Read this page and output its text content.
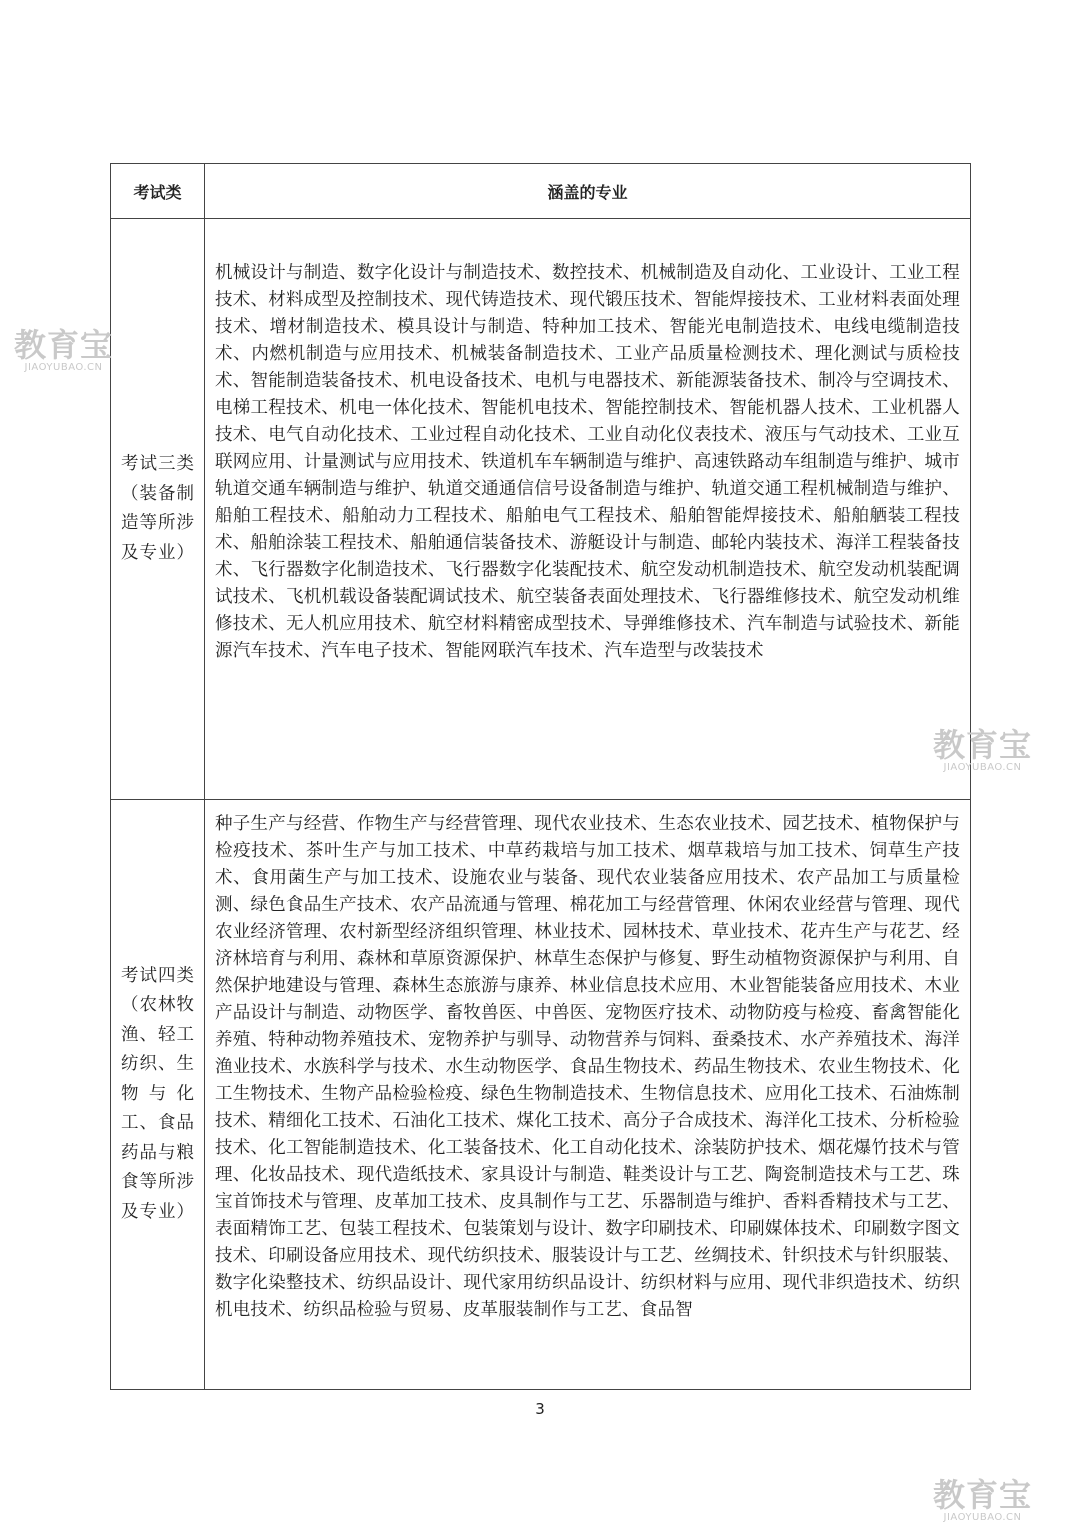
考试类	涵盖的专业

考试三类（装备制造等所涉及专业）	机械设计与制造、数字化设计与制造技术、数控技术、机械制造及自动化、工业设计、工业工程技术、材料成型及控制技术、现代铸造技术、现代锻压技术、智能焊接技术、工业材料表面处理技术、增材制造技术、模具设计与制造、特种加工技术、智能光电制造技术、电线电缆制造技术、内燃机制造与应用技术、机械装备制造技术、工业产品质量检测技术、理化测试与质检技术、智能制造装备技术、机电设备技术、电机与电器技术、新能源装备技术、制冷与空调技术、电梯工程技术、机电一体化技术、智能机电技术、智能控制技术、智能机器人技术、工业机器人技术、电气自动化技术、工业过程自动化技术、工业自动化仪表技术、液压与气动技术、工业互联网应用、计量测试与应用技术、铁道机车车辆制造与维护、高速铁路动车组制造与维护、城市轨道交通车辆制造与维护、轨道交通通信信号设备制造与维护、轨道交通工程机械制造与维护、船舶工程技术、船舶动力工程技术、船舶电气工程技术、船舶智能焊接技术、船舶舾装工程技术、船舶涂装工程技术、船舶通信装备技术、游艇设计与制造、邮轮内装技术、海洋工程装备技术、飞行器数字化制造技术、飞行器数字化装配技术、航空发动机制造技术、航空发动机装配调试技术、飞机机载设备装配调试技术、航空装备表面处理技术、飞行器维修技术、航空发动机维修技术、无人机应用技术、航空材料精密成型技术、导弹维修技术、汽车制造与试验技术、新能源汽车技术、汽车电子技术、智能网联汽车技术、汽车造型与改装技术

考试四类（农林牧渔、轻工纺织、生物与化工、食品药品与粮食等所涉及专业）	种子生产与经营、作物生产与经营管理、现代农业技术、生态农业技术、园艺技术、植物保护与检疫技术、茶叶生产与加工技术、中草药栽培与加工技术、烟草栽培与加工技术、饲草生产技术、食用菌生产与加工技术、设施农业与装备、现代农业装备应用技术、农产品加工与质量检测、绿色食品生产技术、农产品流通与管理、棉花加工与经营管理、休闲农业经营与管理、现代农业经济管理、农村新型经济组织管理、林业技术、园林技术、草业技术、花卉生产与花艺、经济林培育与利用、森林和草原资源保护、林草生态保护与修复、野生动植物资源保护与利用、自然保护地建设与管理、森林生态旅游与康养、林业信息技术应用、木业智能装备应用技术、木业产品设计与制造、动物医学、畜牧兽医、中兽医、宠物医疗技术、动物防疫与检疫、畜禽智能化养殖、特种动物养殖技术、宠物养护与驯导、动物营养与饲料、蚕桑技术、水产养殖技术、海洋渔业技术、水族科学与技术、水生动物医学、食品生物技术、药品生物技术、农业生物技术、化工生物技术、生物产品检验检疫、绿色生物制造技术、生物信息技术、应用化工技术、石油炼制技术、精细化工技术、石油化工技术、煤化工技术、高分子合成技术、海洋化工技术、分析检验技术、化工智能制造技术、化工装备技术、化工自动化技术、涂装防护技术、烟花爆竹技术与管理、化妆品技术、现代造纸技术、家具设计与制造、鞋类设计与工艺、陶瓷制造技术与工艺、珠宝首饰技术与管理、皮革加工技术、皮具制作与工艺、乐器制造与维护、香料香精技术与工艺、表面精饰工艺、包装工程技术、包装策划与设计、数字印刷技术、印刷媒体技术、印刷数字图文技术、印刷设备应用技术、现代纺织技术、服装设计与工艺、丝绸技术、针织技术与针织服装、数字化染整技术、纺织品设计、现代家用纺织品设计、纺织材料与应用、现代非织造技术、纺织机电技术、纺织品检验与贸易、皮革服装制作与工艺、食品智
3
教育宝
JIAOYUBAO.CN
教育宝
JIAOYUBAO.CN
教育宝
JIAOYUBAO.CN
